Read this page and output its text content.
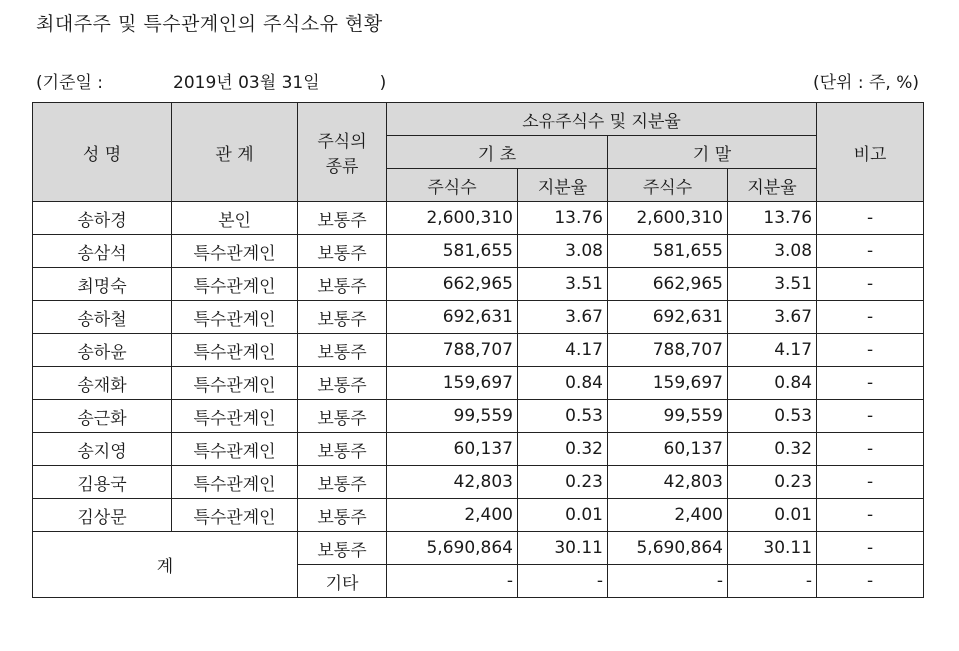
최대주주 및 특수관계인의 주식소유 현황
(기준일 :	2019년 03월 31일	)	(단위 : 주, %)
성 명	관 계	주식의 종류	소유주식수 및 지분율				비고
			기 초		기 말		
			주식수	지분율	주식수	지분율	
송하경	본인	보통주	2,600,310	13.76	2,600,310	13.76	-
송삼석	특수관계인	보통주	581,655	3.08	581,655	3.08	-
최명숙	특수관계인	보통주	662,965	3.51	662,965	3.51	-
송하철	특수관계인	보통주	692,631	3.67	692,631	3.67	-
송하윤	특수관계인	보통주	788,707	4.17	788,707	4.17	-
송재화	특수관계인	보통주	159,697	0.84	159,697	0.84	-
송근화	특수관계인	보통주	99,559	0.53	99,559	0.53	-
송지영	특수관계인	보통주	60,137	0.32	60,137	0.32	-
김용국	특수관계인	보통주	42,803	0.23	42,803	0.23	-
김상문	특수관계인	보통주	2,400	0.01	2,400	0.01	-
계		보통주	5,690,864	30.11	5,690,864	30.11	-
		기타	-	-	-	-	-
